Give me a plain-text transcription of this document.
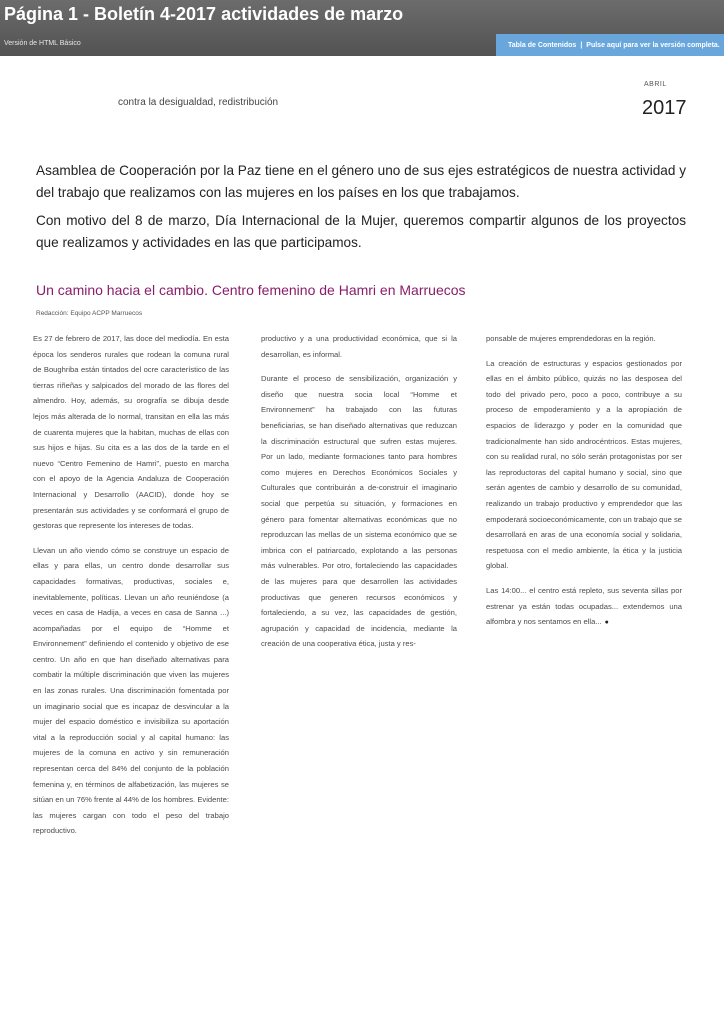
Página 1 - Boletín 4-2017 actividades de marzo
Versión de HTML Básico	Tabla de Contenidos | Pulse aquí para ver la versión completa.
contra la desigualdad, redistribución
ABRIL
2017

Asamblea de Cooperación por la Paz tiene en el género uno de sus ejes estratégicos de nuestra actividad y del trabajo que realizamos con las mujeres en los países en los que trabajamos.

Con motivo del 8 de marzo, Día Internacional de la Mujer, queremos compartir algunos de los proyectos que realizamos y actividades en las que participamos.

Un camino hacia el cambio. Centro femenino de Hamri en Marruecos
Redacción: Equipo ACPP Marruecos

Es 27 de febrero de 2017, las doce del mediodía. En esta época los senderos rurales que rodean la comuna rural de Boughriba están tintados del ocre característico de las tierras riñeñas y salpicados del morado de las flores del almendro. Hoy, además, su orografía se dibuja desde lejos más alterada de lo normal, transitan en ella las más de cuarenta mujeres que la habitan, muchas de ellas con sus hijos e hijas. Su cita es a las dos de la tarde en el nuevo “Centro Femenino de Hamri”, puesto en marcha con el apoyo de la Agencia Andaluza de Cooperación Internacional y Desarrollo (AACID), donde hoy se presentarán sus actividades y se conformará el grupo de gestoras que represente los intereses de todas.

Llevan un año viendo cómo se construye un espacio de ellas y para ellas, un centro donde desarrollar sus capacidades formativas, productivas, sociales e, inevitablemente, políticas. Llevan un año reuniéndose (a veces en casa de Hadija, a veces en casa de Sanna ...) acompañadas por el equipo de “Homme et Environnement” definiendo el contenido y objetivo de ese centro. Un año en que han diseñado alternativas para combatir la múltiple discriminación que viven las mujeres en las zonas rurales. Una discriminación fomentada por un imaginario social que es incapaz de desvincular a la mujer del espacio doméstico e invisibiliza su aportación vital a la reproducción social y al capital humano: las mujeres de la comuna en activo y sin remuneración representan cerca del 84% del conjunto de la población femenina y, en términos de alfabetización, las mujeres se sitúan en un 76% frente al 44% de los hombres. Evidente: las mujeres cargan con todo el peso del trabajo reproductivo.

productivo y a una productividad económica, que si la desarrollan, es informal.

Durante el proceso de sensibilización, organización y diseño que nuestra socia local “Homme et Environnement” ha trabajado con las futuras beneficiarias, se han diseñado alternativas que reduzcan la discriminación estructural que sufren estas mujeres. Por un lado, mediante formaciones tanto para hombres como mujeres en Derechos Económicos Sociales y Culturales que contribuirán a de-construir el imaginario social que perpetúa su situación, y formaciones en género para fomentar alternativas económicas que no reproduzcan las mellas de un sistema económico que se imbrica con el patriarcado, explotando a las personas más vulnerables. Por otro, fortaleciendo las capacidades de las mujeres para que desarrollen las actividades productivas que generen recursos económicos y fortaleciendo, a su vez, las capacidades de gestión, agrupación y capacidad de incidencia, mediante la creación de una cooperativa ética, justa y res-

ponsable de mujeres emprendedoras en la región.

La creación de estructuras y espacios gestionados por ellas en el ámbito público, quizás no las desposea del todo del privado pero, poco a poco, contribuye a su proceso de empoderamiento y a la apropiación de espacios de liderazgo y poder en la comunidad que tradicionalmente han sido androcéntricos. Estas mujeres, con su realidad rural, no sólo serán protagonistas por ser las reproductoras del capital humano y social, sino que serán agentes de cambio y desarrollo de su comunidad, realizando un trabajo productivo y emprendedor que las empoderará socioeconómicamente, con un trabajo que se desarrollará en aras de una economía social y solidaria, respetuosa con el medio ambiente, la ética y la justicia global.

Las 14:00... el centro está repleto, sus seventa sillas por estrenar ya están todas ocupadas... extendemos una alfombra y nos sentamos en ella... ●
